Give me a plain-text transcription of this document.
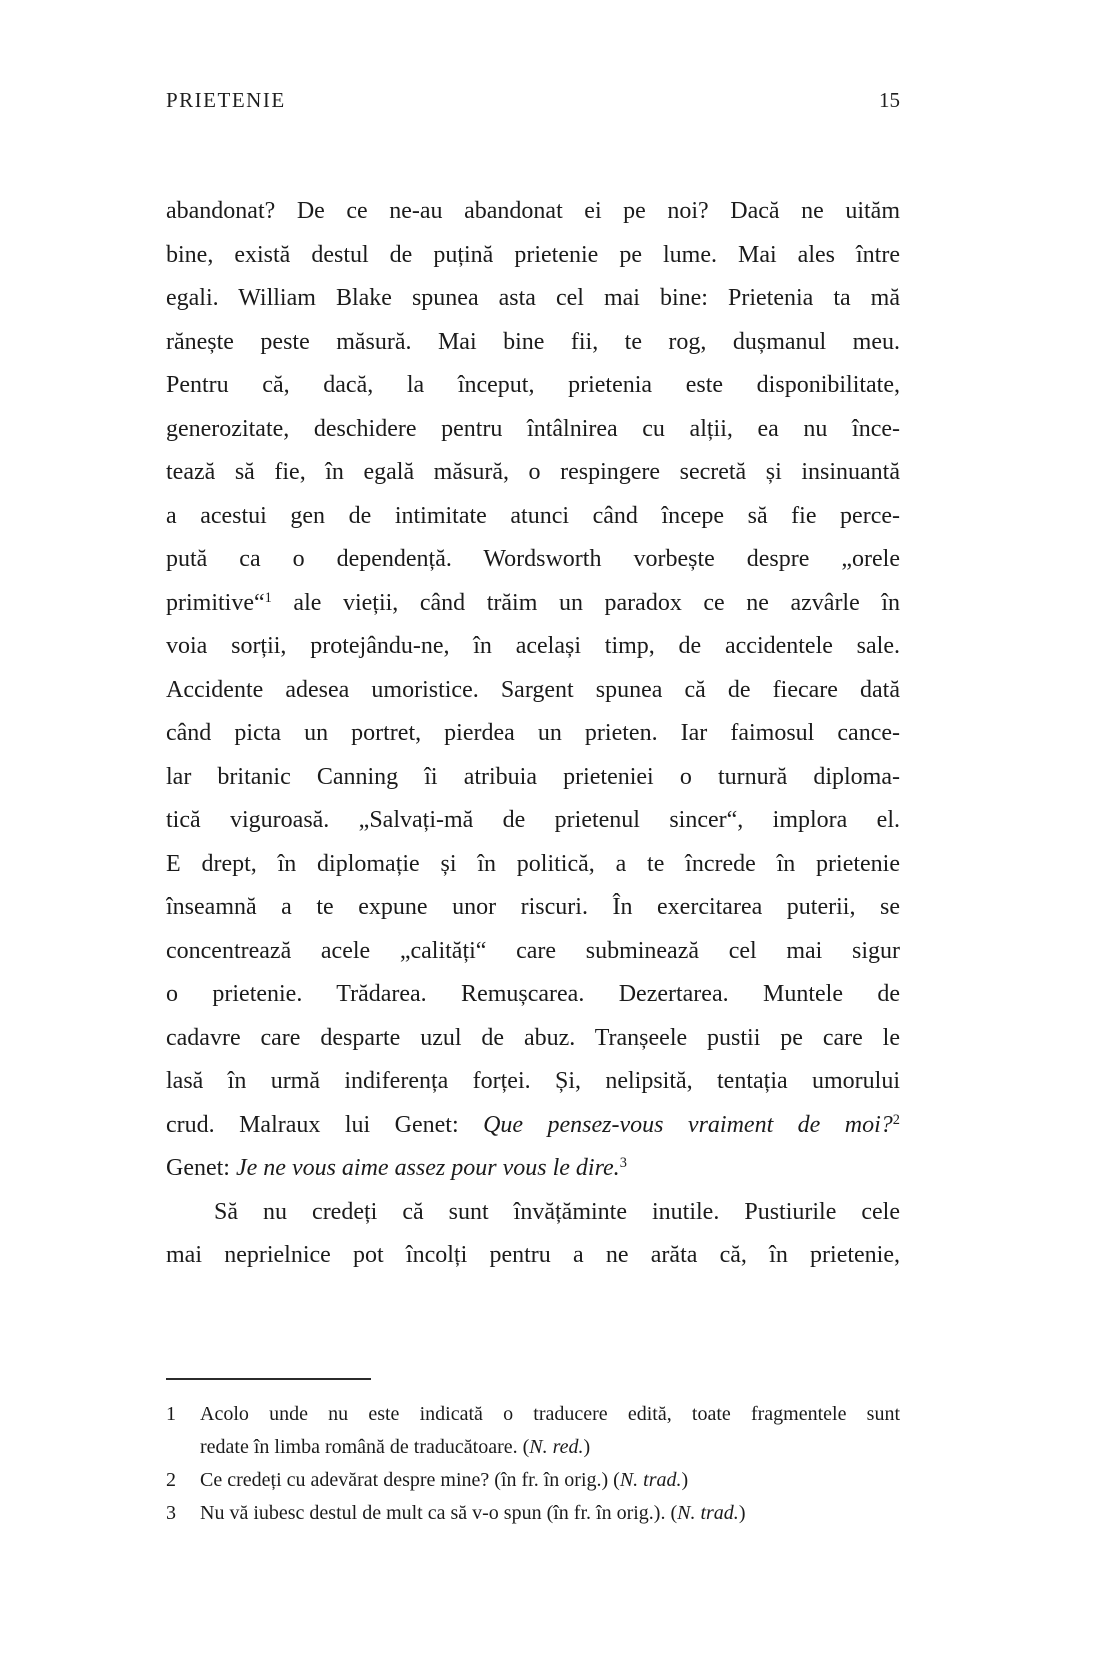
PRIETENIE	15
abandonat? De ce ne-au abandonat ei pe noi? Dacă ne uităm
bine, există destul de puțină prietenie pe lume. Mai ales între
egali. William Blake spunea asta cel mai bine: Prietenia ta mă
rănește peste măsură. Mai bine fii, te rog, dușmanul meu.
Pentru că, dacă, la început, prietenia este disponibilitate,
generozitate, deschidere pentru întâlnirea cu alții, ea nu înce-
tează să fie, în egală măsură, o respingere secretă și insinuantă
a acestui gen de intimitate atunci când începe să fie perce-
pută ca o dependență. Wordsworth vorbește despre „orele
primitive“$^1$ ale vieții, când trăim un paradox ce ne azvârle în
voia sorții, protejându-ne, în același timp, de accidentele sale.
Accidente adesea umoristice. Sargent spunea că de fiecare dată
când picta un portret, pierdea un prieten. Iar faimosul cance-
lar britanic Canning îi atribuia prieteniei o turnură diploma-
tică viguroasă. „Salvați-mă de prietenul sincer“, implora el.
E drept, în diplomație și în politică, a te încrede în prietenie
înseamnă a te expune unor riscuri. În exercitarea puterii, se
concentrează acele „calități“ care subminează cel mai sigur
o prietenie. Trădarea. Remușcarea. Dezertarea. Muntele de
cadavre care desparte uzul de abuz. Tranșeele pustii pe care le
lasă în urmă indiferența forței. Și, nelipsită, tentația umorului
crud. Malraux lui Genet: Que pensez-vous vraiment de moi?$^2$
Genet: Je ne vous aime assez pour vous le dire.$^3$
Să nu credeți că sunt învățăminte inutile. Pustiurile cele
mai neprielnice pot încolți pentru a ne arăta că, în prietenie,
1	Acolo unde nu este indicată o traducere edită, toate fragmentele sunt
redate în limba română de traducătoare. (N. red.)
2	Ce credeți cu adevărat despre mine? (în fr. în orig.) (N. trad.)
3	Nu vă iubesc destul de mult ca să v-o spun (în fr. în orig.). (N. trad.)
